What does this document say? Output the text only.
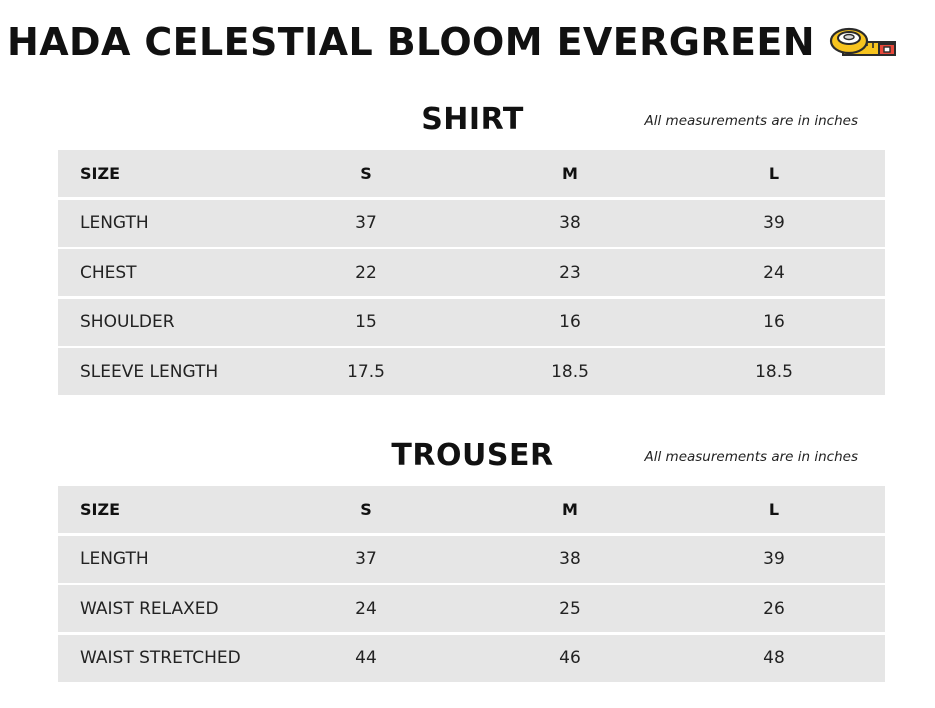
HADA CELESTIAL BLOOM EVERGREEN
SHIRT	All measurements are in inches
SIZE	S	M	L
LENGTH	37	38	39
CHEST	22	23	24
SHOULDER	15	16	16
SLEEVE LENGTH	17.5	18.5	18.5
TROUSER	All measurements are in inches
SIZE	S	M	L
LENGTH	37	38	39
WAIST RELAXED	24	25	26
WAIST STRETCHED	44	46	48
